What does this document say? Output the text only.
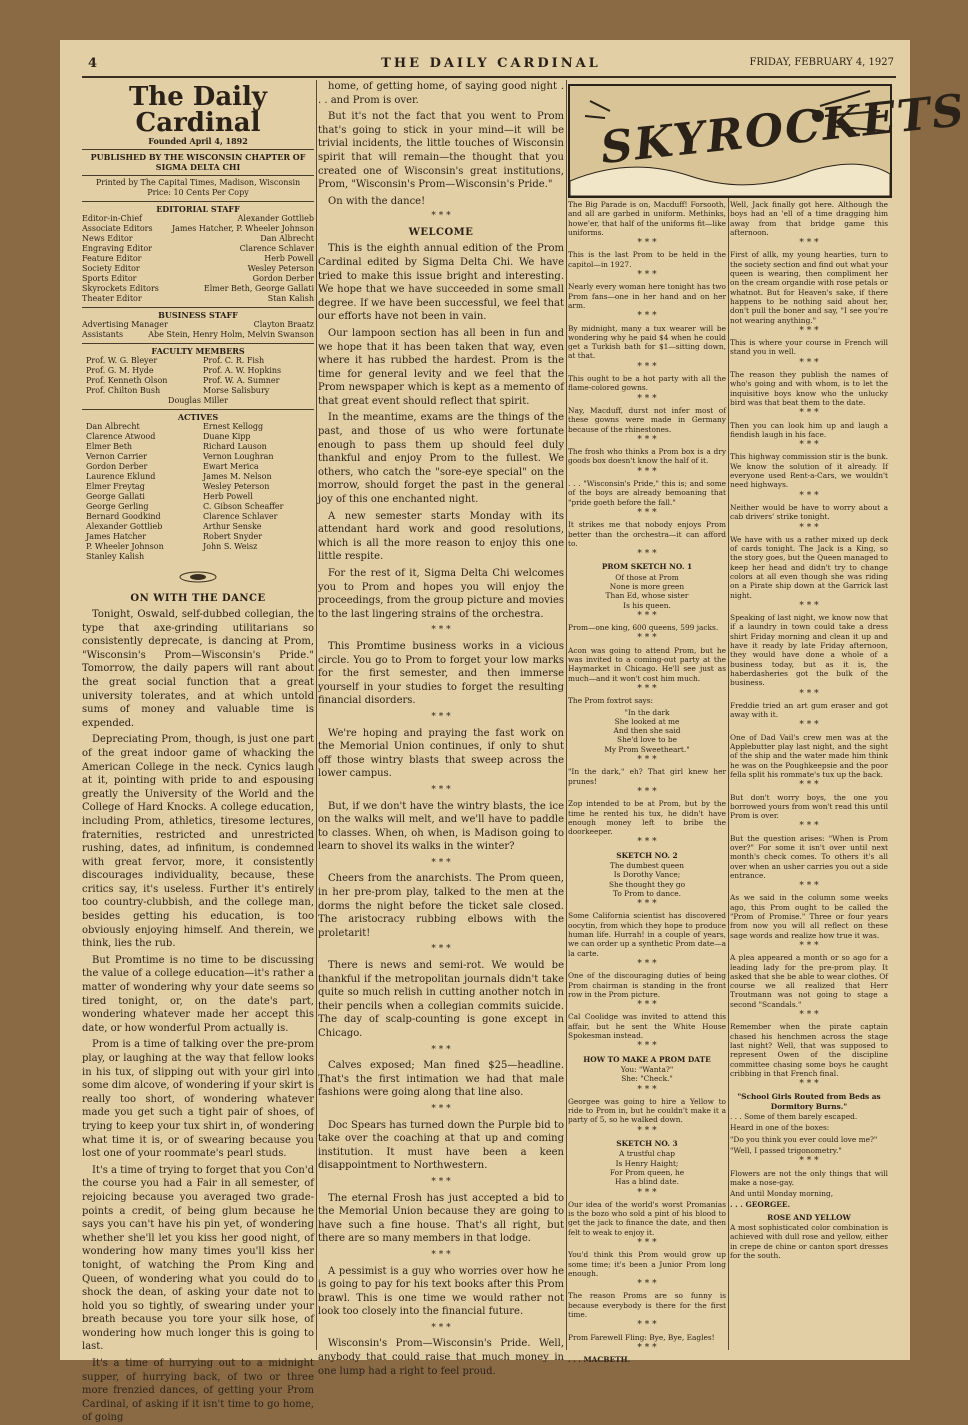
4	THE DAILY CARDINAL	FRIDAY, FEBRUARY 4, 1927
The Daily Cardinal
Founded April 4, 1892
PUBLISHED BY THE WISCONSIN CHAPTER OF SIGMA DELTA CHI
Printed by The Capital Times, Madison, Wisconsin
Price: 10 Cents Per Copy
EDITORIAL STAFF
Editor-in-Chief	Alexander Gottlieb
Associate Editors James Hatcher, P. Wheeler Johnson
News Editor	Dan Albrecht
Engraving Editor	Clarence Schlaver
Feature Editor	Herb Powell
Society Editor	Wesley Peterson
Sports Editor	Gordon Derber
Skyrockets Editors	Elmer Beth, George Gallati
Theater Editor	Stan Kalish
BUSINESS STAFF
Advertising Manager	Clayton Braatz
Assistants	Abe Stein, Henry Holm, Melvin Swanson
FACULTY MEMBERS
Prof. W. G. Bleyer	Prof. C. R. Fish
Prof. G. M. Hyde	Prof. A. W. Hopkins
Prof. Kenneth Olson	Prof. W. A. Sumner
Prof. Chilton Bush	Morse Salisbury
Douglas Miller
ACTIVES
Dan Albrecht	Ernest Kellogg
Clarence Atwood	Duane Kipp
Elmer Beth	Richard Lauson
Vernon Carrier	Vernon Loughran
Gordon Derber	Ewart Merica
Laurence Eklund	James M. Nelson
Elmer Freytag	Wesley Peterson
George Gallati	Herb Powell
George Gerling	C. Gibson Scheaffer
Bernard Goodkind	Clarence Schlaver
Alexander Gottlieb	Arthur Senske
James Hatcher	Robert Snyder
P. Wheeler Johnson	John S. Weisz
Stanley Kalish
ON WITH THE DANCE

Tonight, Oswald, self-dubbed collegian, the type that axe-grinding utilitarians so consistently deprecate, is dancing at Prom, "Wisconsin's Prom—Wisconsin's Pride." Tomorrow, the daily papers will rant about the great social function that a great university tolerates, and at which untold sums of money and valuable time is expended.

Depreciating Prom, though, is just one part of the great indoor game of whacking the American College in the neck. Cynics laugh at it, pointing with pride to and espousing greatly the University of the World and the College of Hard Knocks. A college education, including Prom, athletics, tiresome lectures, fraternities, restricted and unrestricted rushing, dates, ad infinitum, is condemned with great fervor, more, it consistently discourages individuality, because, these critics say, it's useless. Further it's entirely too country-clubbish, and the college man, besides getting his education, is too obviously enjoying himself. And therein, we think, lies the rub.

But Promtime is no time to be discussing the value of a college education—it's rather a matter of wondering why your date seems so tired tonight, or, on the date's part, wondering whatever made her accept this date, or how wonderful Prom actually is.

Prom is a time of talking over the pre-prom play, or laughing at the way that fellow looks in his tux, of slipping out with your girl into some dim alcove, of wondering if your skirt is really too short, of wondering whatever made you get such a tight pair of shoes, of trying to keep your tux shirt in, of wondering what time it is, or of swearing because you lost one of your roommate's pearl studs.

It's a time of trying to forget that you Con'd the course you had a Fair in all semester, of rejoicing because you averaged two grade-points a credit, of being glum because he says you can't have his pin yet, of wondering whether she'll let you kiss her good night, of wondering how many times you'll kiss her tonight, of watching the Prom King and Queen, of wondering what you could do to shock the dean, of asking your date not to hold you so tightly, of swearing under your breath because you tore your silk hose, of wondering how much longer this is going to last.

It's a time of hurrying out to a midnight supper, of hurrying back, of two or three more frenzied dances, of getting your Prom Cardinal, of asking if it isn't time to go home, of going

home, of getting home, of saying good night . . . and Prom is over.

But it's not the fact that you went to Prom that's going to stick in your mind—it will be trivial incidents, the little touches of Wisconsin spirit that will remain—the thought that you created one of Wisconsin's great institutions, Prom, "Wisconsin's Prom—Wisconsin's Pride."

On with the dance!

* * *
WELCOME

This is the eighth annual edition of the Prom Cardinal edited by Sigma Delta Chi. We have tried to make this issue bright and interesting. We hope that we have succeeded in some small degree. If we have been successful, we feel that our efforts have not been in vain.

Our lampoon section has all been in fun and we hope that it has been taken that way, even where it has rubbed the hardest. Prom is the time for general levity and we feel that the Prom newspaper which is kept as a memento of that great event should reflect that spirit.

In the meantime, exams are the things of the past, and those of us who were fortunate enough to pass them up should feel duly thankful and enjoy Prom to the fullest. We others, who catch the "sore-eye special" on the morrow, should forget the past in the general joy of this one enchanted night.

A new semester starts Monday with its attendant hard work and good resolutions, which is all the more reason to enjoy this one little respite.

For the rest of it, Sigma Delta Chi welcomes you to Prom and hopes you will enjoy the proceedings, from the group picture and movies to the last lingering strains of the orchestra.

* * *

This Promtime business works in a vicious circle. You go to Prom to forget your low marks for the first semester, and then immerse yourself in your studies to forget the resulting financial disorders.

* * *

We're hoping and praying the fast work on the Memorial Union continues, if only to shut off those wintry blasts that sweep across the lower campus.

* * *

But, if we don't have the wintry blasts, the ice on the walks will melt, and we'll have to paddle to classes. When, oh when, is Madison going to learn to shovel its walks in the winter?

* * *

Cheers from the anarchists. The Prom queen, in her pre-prom play, talked to the men at the dorms the night before the ticket sale closed. The aristocracy rubbing elbows with the proletarit!

* * *

There is news and semi-rot. We would be thankful if the metropolitan journals didn't take quite so much relish in cutting another notch in their pencils when a collegian commits suicide. The day of scalp-counting is gone except in Chicago.

* * *

Calves exposed; Man fined $25—headline. That's the first intimation we had that male fashions were going along that line also.

* * *

Doc Spears has turned down the Purple bid to take over the coaching at that up and coming institution. It must have been a keen disappointment to Northwestern.

* * *

The eternal Frosh has just accepted a bid to the Memorial Union because they are going to have such a fine house. That's all right, but there are so many members in that lodge.

* * *

A pessimist is a guy who worries over how he is going to pay for his text books after this Prom brawl. This is one time we would rather not look too closely into the financial future.

* * *

Wisconsin's Prom—Wisconsin's Pride. Well, anybody that could raise that much money in one lump had a right to feel proud.

SKYROCKETS

The Big Parade is on, Macduff! Forsooth, and all are garbed in uniform. Methinks, howe'er, that half of the uniforms fit—like uniforms.

* * *

This is the last Prom to be held in the capitol—in 1927.

* * *

Nearly every woman here tonight has two Prom fans—one in her hand and on her arm.

* * *

By midnight, many a tux wearer will be wondering why he paid $4 when he could get a Turkish bath for $1—sitting down, at that.

* * *

This ought to be a hot party with all the flame-colored gowns.

* * *

Nay, Macduff, durst not infer most of these gowns were made in Germany because of the rhinestones.

* * *

The frosh who thinks a Prom box is a dry goods box doesn't know the half of it.

* * *

. . . "Wisconsin's Pride," this is; and some of the boys are already bemoaning that "pride goeth before the fall."

* * *

It strikes me that nobody enjoys Prom better than the orchestra—it can afford to.

* * *
PROM SKETCH NO. 1
Of those at Prom
None is more green
Than Ed, whose sister
Is his queen.
* * *

Prom—one king, 600 queens, 599 jacks.

* * *

Acon was going to attend Prom, but he was invited to a coming-out party at the Haymarket in Chicago. He'll see just as much—and it won't cost him much.

* * *

The Prom foxtrot says:

"In the dark
She looked at me
And then she said
She'd love to be
My Prom Sweetheart."
* * *

"In the dark," eh? That girl knew her prunes!

* * *

Zop intended to be at Prom, but by the time he rented his tux, he didn't have enough money left to bribe the doorkeeper.

* * *
SKETCH NO. 2
The dumbest queen
Is Dorothy Vance;
She thought they go
To Prom to dance.
* * *

Some California scientist has discovered oocytin, from which they hope to produce human life. Hurrah! in a couple of years, we can order up a synthetic Prom date—a la carte.

* * *

One of the discouraging duties of being Prom chairman is standing in the front row in the Prom picture.

* * *

Cal Coolidge was invited to attend this affair, but he sent the White House Spokesman instead.

* * *
HOW TO MAKE A PROM DATE
You: "Wanta?"
She: "Check."
* * *

Georgee was going to hire a Yellow to ride to Prom in, but he couldn't make it a party of 5, so he walked down.

* * *
SKETCH NO. 3
A trustful chap
Is Henry Haight;
For Prom queen, he
Has a blind date.
* * *

Our idea of the world's worst Promanias is the bozo who sold a pint of his blood to get the jack to finance the date, and then felt to weak to enjoy it.

* * *

You'd think this Prom would grow up some time; it's been a Junior Prom long enough.

* * *

The reason Proms are so funny is because everybody is there for the first time.

* * *

Prom Farewell Fling: Bye, Bye, Eagles!

* * *
. . . MACBETH.

Well, Jack finally got here. Although the boys had an 'ell of a time dragging him away from that bridge game this afternoon.

* * *

First of allk, my young hearties, turn to the society section and find out what your queen is wearing, then compliment her on the cream organdie with rose petals or whatnot. But for Heaven's sake, if there happens to be nothing said about her, don't pull the boner and say, "I see you're not wearing anything."

* * *

This is where your course in French will stand you in well.

* * *

The reason they publish the names of who's going and with whom, is to let the inquisitive boys know who the unlucky bird was that beat them to the date.

* * *

Then you can look him up and laugh a fiendish laugh in his face.

* * *

This highway commission stir is the bunk. We know the solution of it already. If everyone used Rent-a-Cars, we wouldn't need highways.

* * *

Neither would be have to worry about a cab drivers' strike tonight.

* * *

We have with us a rather mixed up deck of cards tonight. The Jack is a King, so the story goes, but the Queen managed to keep her head and didn't try to change colors at all even though she was riding on a Pirate ship down at the Garrick last night.

* * *

Speaking of last night, we know now that if a laundry in town could take a dress shirt Friday morning and clean it up and have it ready by late Friday afternoon, they would have done a whole of a business today, but as it is, the haberdasheries got the bulk of the business.

* * *

Freddie tried an art gum eraser and got away with it.

* * *

One of Dad Vail's crew men was at the Applebutter play last night, and the sight of the ship and the water made him think he was on the Poughkeepsie and the poor fella split his rommate's tux up the back.

* * *

But don't worry boys, the one you borrowed yours from won't read this until Prom is over.

* * *

But the question arises: "When is Prom over?" For some it isn't over until next month's check comes. To others it's all over when an usher carries you out a side entrance.

* * *

As we said in the column some weeks ago, this Prom ought to be called the "Prom of Promise." Three or four years from now you will all reflect on these sage words and realize how true it was.

* * *

A plea appeared a month or so ago for a leading lady for the pre-prom play. It asked that she be able to wear clothes. Of course we all realized that Herr Troutmann was not going to stage a second "Scandals."

* * *

Remember when the pirate captain chased his henchmen across the stage last night? Well, that was supposed to represent Owen of the discipline committee chasing some boys he caught cribbing in that French final.

* * *
"School Girls Routed from Beds as Dormitory Burns."

. . . Some of them barely escaped.

Heard in one of the boxes:

"Do you think you ever could love me?"

"Well, I passed trigonometry."

* * *

Flowers are not the only things that will make a nose-gay.

And until Monday morning,

. . . GEORGEE.
ROSE AND YELLOW

A most sophisticated color combination is achieved with dull rose and yellow, either in crepe de chine or canton sport dresses for the south.
